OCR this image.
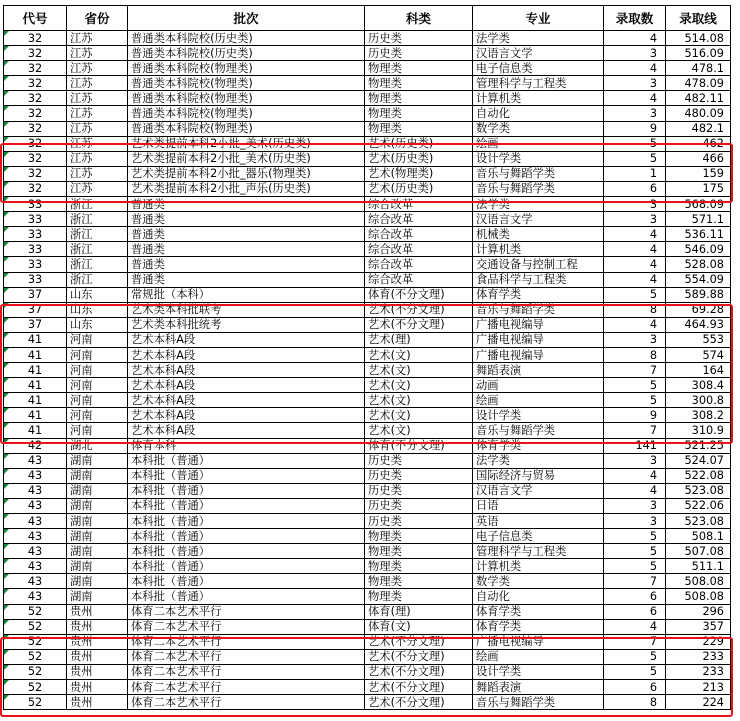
代号	省份	批次	科类	专业	录取数	录取线
32	江苏	普通类本科院校(历史类)	历史类	法学类	4	514.08
32	江苏	普通类本科院校(历史类)	历史类	汉语言文学	3	516.09
32	江苏	普通类本科院校(物理类)	物理类	电子信息类	4	478.1
32	江苏	普通类本科院校(物理类)	物理类	管理科学与工程类	3	478.09
32	江苏	普通类本科院校(物理类)	物理类	计算机类	4	482.11
32	江苏	普通类本科院校(物理类)	物理类	自动化	3	480.09
32	江苏	普通类本科院校(物理类)	物理类	数学类	9	482.1
32	江苏	艺术类提前本科2小批_美术(历史类)	艺术(历史类)	绘画	5	462
32	江苏	艺术类提前本科2小批_美术(历史类)	艺术(历史类)	设计学类	5	466
32	江苏	艺术类提前本科2小批_器乐(物理类)	艺术(物理类)	音乐与舞蹈学类	1	159
32	江苏	艺术类提前本科2小批_声乐(历史类)	艺术(历史类)	音乐与舞蹈学类	6	175
33	浙江	普通类	综合改革	法学类	3	568.09
33	浙江	普通类	综合改革	汉语言文学	3	571.1
33	浙江	普通类	综合改革	机械类	4	536.11
33	浙江	普通类	综合改革	计算机类	4	546.09
33	浙江	普通类	综合改革	交通设备与控制工程	4	528.08
33	浙江	普通类	综合改革	食品科学与工程类	4	554.09
37	山东	常规批（本科）	体育(不分文理)	体育学类	5	589.88
37	山东	艺术类本科批联考	艺术(不分文理)	音乐与舞蹈学类	8	69.28
37	山东	艺术类本科批统考	艺术(不分文理)	广播电视编导	4	464.93
41	河南	艺术本科A段	艺术(理)	广播电视编导	3	553
41	河南	艺术本科A段	艺术(文)	广播电视编导	8	574
41	河南	艺术本科A段	艺术(文)	舞蹈表演	7	164
41	河南	艺术本科A段	艺术(文)	动画	5	308.4
41	河南	艺术本科A段	艺术(文)	绘画	5	300.8
41	河南	艺术本科A段	艺术(文)	设计学类	9	308.2
41	河南	艺术本科A段	艺术(文)	音乐与舞蹈学类	7	310.9
42	湖北	体育本科	体育(不分文理)	体育学类	141	521.25
43	湖南	本科批（普通）	历史类	法学类	3	524.07
43	湖南	本科批（普通）	历史类	国际经济与贸易	4	522.08
43	湖南	本科批（普通）	历史类	汉语言文学	4	523.08
43	湖南	本科批（普通）	历史类	日语	3	522.06
43	湖南	本科批（普通）	历史类	英语	3	523.08
43	湖南	本科批（普通）	物理类	电子信息类	5	508.1
43	湖南	本科批（普通）	物理类	管理科学与工程类	5	507.08
43	湖南	本科批（普通）	物理类	计算机类	5	511.1
43	湖南	本科批（普通）	物理类	数学类	7	508.08
43	湖南	本科批（普通）	物理类	自动化	6	508.08
52	贵州	体育二本艺术平行	体育(理)	体育学类	6	296
52	贵州	体育二本艺术平行	体育(文)	体育学类	4	357
52	贵州	体育二本艺术平行	艺术(不分文理)	广播电视编导	7	229
52	贵州	体育二本艺术平行	艺术(不分文理)	绘画	5	233
52	贵州	体育二本艺术平行	艺术(不分文理)	设计学类	5	233
52	贵州	体育二本艺术平行	艺术(不分文理)	舞蹈表演	6	213
52	贵州	体育二本艺术平行	艺术(不分文理)	音乐与舞蹈学类	8	224
